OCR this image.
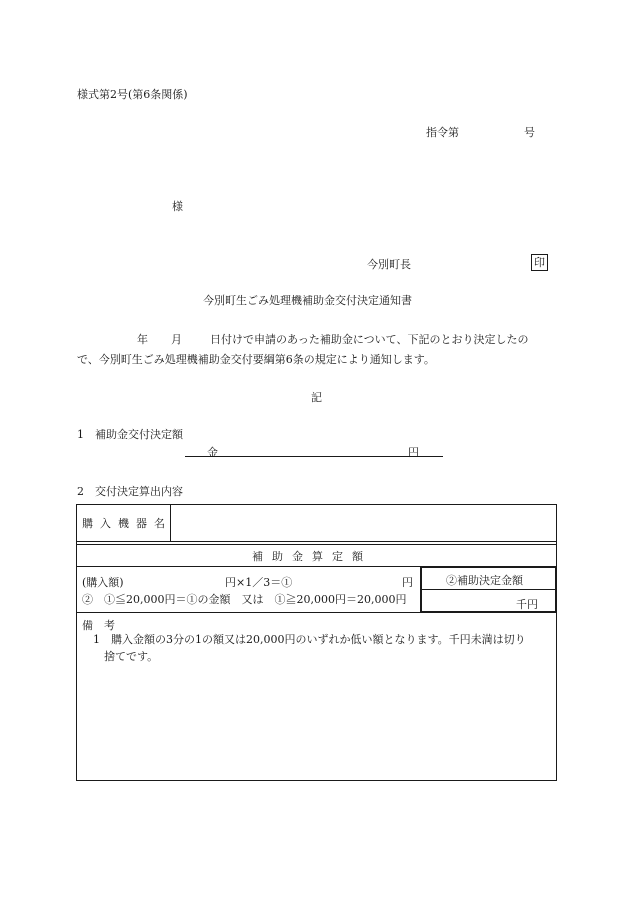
様式第2号(第6条関係)
指令第	号
様
今別町長	印
今別町生ごみ処理機補助金交付決定通知書
年 月	日付けで申請のあった補助金について、下記のとおり決定したの
で、今別町生ごみ処理機補助金交付要綱第6条の規定により通知します。
記
1　補助金交付決定額
金	円
2　交付決定算出内容
購入機器名
補助金算定額
(購入額)	円×1／3＝①	円
②　①≦20,000円＝①の金額　又は　①≧20,000円＝20,000円
②補助決定金額
千円
備　考
1　購入金額の3分の1の額又は20,000円のいずれか低い額となります。千円未満は切り
捨てです。
